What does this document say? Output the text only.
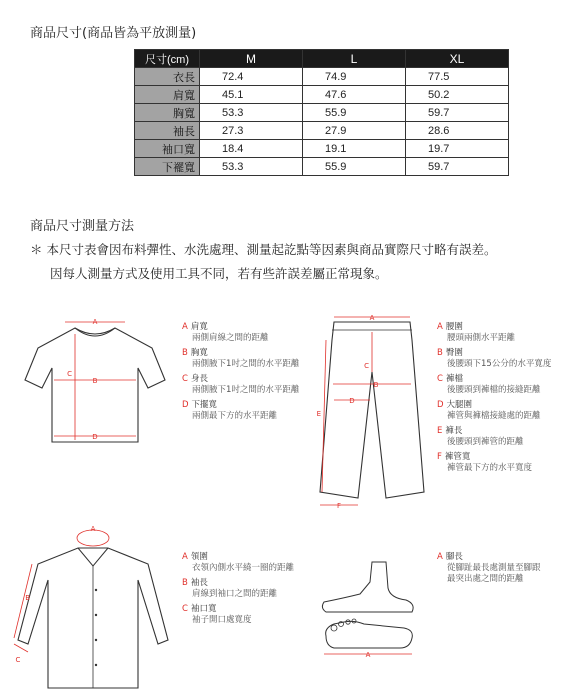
商品尺寸(商品皆為平放測量)
尺寸(cm)	M	L	XL
衣長	72.4	74.9	77.5
肩寬	45.1	47.6	50.2
胸寬	53.3	55.9	59.7
袖長	27.3	27.9	28.6
袖口寬	18.4	19.1	19.7
下襬寬	53.3	55.9	59.7
商品尺寸測量方法
＊ 本尺寸表會因布料彈性、水洗處理、測量起訖點等因素與商品實際尺寸略有誤差。
因每人測量方式及使用工具不同，若有些許誤差屬正常現象。
A
B
C
D
A 肩寬
兩側肩線之間的距離
B 胸寬
兩側腋下1吋之間的水平距離
C 身長
兩側腋下1吋之間的水平距離
D 下擺寬
兩側最下方的水平距離
A
B
C
D
E
F
A 腰圍
腰頭兩側水平距離
B 臀圍
後腰頭下15公分的水平寬度
C 褲檔
後腰頭到褲檔的接縫距離
D 大腿圍
褲管與褲檔接縫處的距離
E 褲長
後腰頭到褲管的距離
F 褲管寬
褲管最下方的水平寬度
A
B
C
A 領圍
衣領內側水平繞一圈的距離
B 袖長
肩線到袖口之間的距離
C 袖口寬
袖子開口處寬度
A
A 腳長
從腳趾最長處測量至腳跟
最突出處之間的距離
